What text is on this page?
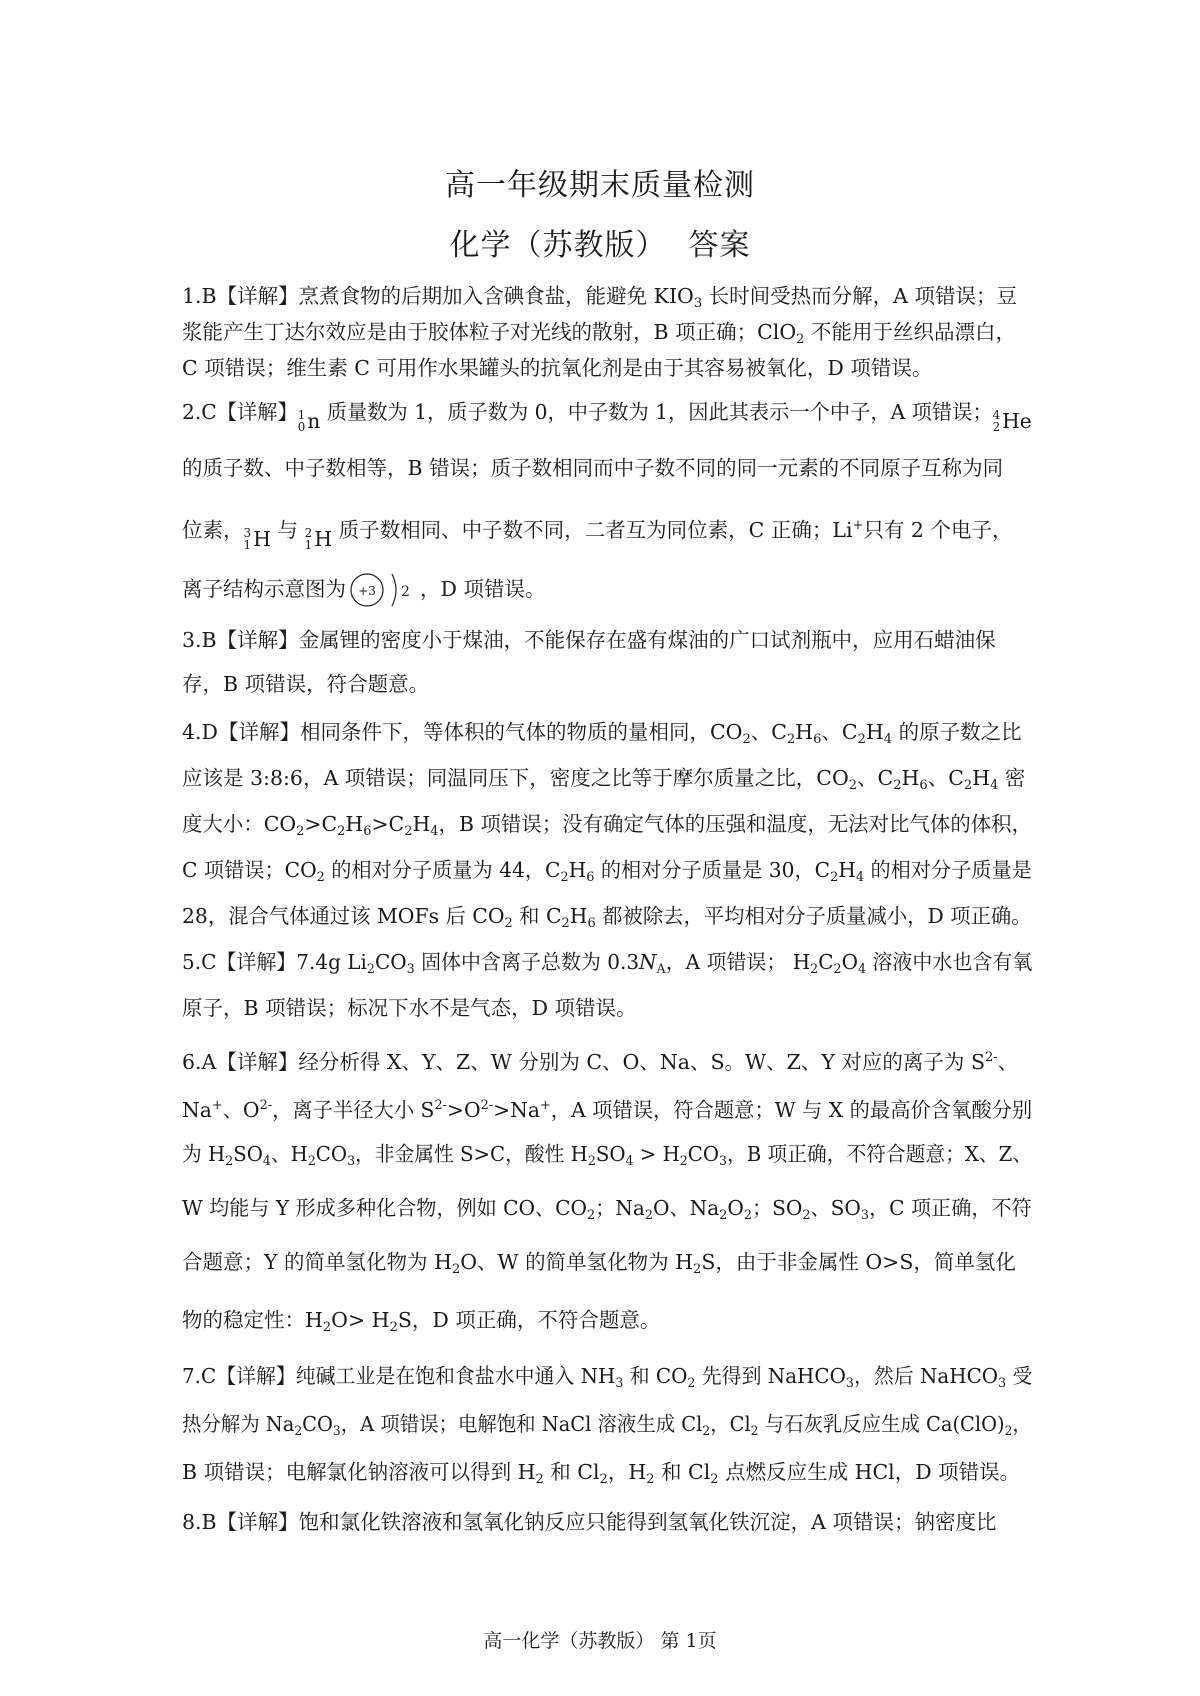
高一年级期末质量检测
化学（苏教版） 答案
1.B【详解】烹煮食物的后期加入含碘食盐，能避免 $KIO_3$ 长时间受热而分解，A 项错误；豆
浆能产生丁达尔效应是由于胶体粒子对光线的散射，B 项正确；ClO$_2$ 不能用于丝织品漂白，
C 项错误；维生素 C 可用作水果罐头的抗氧化剂是由于其容易被氧化，D 项错误。
2.C【详解】 1
0 n 质量数为 1，质子数为 0，中子数为 1，因此其表示一个中子，A 项错误； 4
2 He
的质子数、中子数相等，B 错误；质子数相同而中子数不同的同一元素的不同原子互称为同
位素， 3
1 H 与 2
1 H 质子数相同、中子数不同，二者互为同位素，C 正确；Li+只有 2 个电子，
离子结构示意图为 +3 2 ，D 项错误。
3.B【详解】金属锂的密度小于煤油，不能保存在盛有煤油的广口试剂瓶中，应用石蜡油保
存，B 项错误，符合题意。
4.D【详解】相同条件下，等体积的气体的物质的量相同，$CO_2$、$C_2H_6$、$C_2H_4$ 的原子数之比
应该是 3:8:6，A 项错误；同温同压下，密度之比等于摩尔质量之比，$CO_2$、$C_2H_6$、$C_2H_4$ 密
度大小：$CO_2>C_2H_6>C_2H_4$，B 项错误；没有确定气体的压强和温度，无法对比气体的体积，
C 项错误；$CO_2$ 的相对分子质量为 44，$C_2H_6$ 的相对分子质量是 30，$C_2H_4$ 的相对分子质量是
28，混合气体通过该 MOFs 后 $CO_2$ 和 $C_2H_6$ 都被除去，平均相对分子质量减小，D 项正确。
5.C【详解】7.4g $Li_2CO_3$ 固体中含离子总数为 $0.3N_A$，A 项错误； $H_2C_2O_4$ 溶液中水也含有氧
原子，B 项错误；标况下水不是气态，D 项错误。
6.A【详解】经分析得 X、Y、Z、W 分别为 C、O、Na、S。W、Z、Y 对应的离子为 $S^{2-}$、
Na+、$O^{2-}$，离子半径大小 $S^{2-}>O^{2-}>Na^+$，A 项错误，符合题意；W 与 X 的最高价含氧酸分别
为 $H_2SO_4$、$H_2CO_3$，非金属性 S>C，酸性 $H_2SO_4 > H_2CO_3$，B 项正确，不符合题意；X、Z、
W 均能与 Y 形成多种化合物，例如 CO、$CO_2$；$Na_2O$、$Na_2O_2$；$SO_2$、$SO_3$，C 项正确，不符
合题意；Y 的简单氢化物为 $H_2O$、W 的简单氢化物为 $H_2S$，由于非金属性 O>S，简单氢化
物的稳定性：$H_2O> H_2S$，D 项正确，不符合题意。
7.C【详解】纯碱工业是在饱和食盐水中通入 $NH_3$ 和 $CO_2$ 先得到 NaHCO$_3$，然后 NaHCO$_3$ 受
热分解为 $Na_2CO_3$，A 项错误；电解饱和 NaCl 溶液生成 $Cl_2$，$Cl_2$ 与石灰乳反应生成 $Ca(ClO)_2$，
B 项错误；电解氯化钠溶液可以得到 $H_2$ 和 $Cl_2$，$H_2$ 和 $Cl_2$ 点燃反应生成 HCl，D 项错误。
8.B【详解】饱和氯化铁溶液和氢氧化钠反应只能得到氢氧化铁沉淀，A 项错误；钠密度比
高一化学（苏教版） 第 1页
